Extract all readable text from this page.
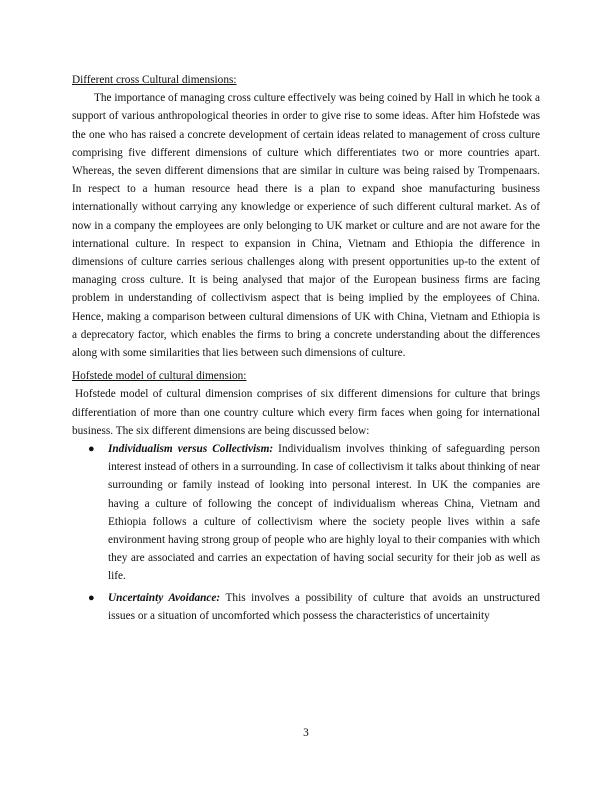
Different cross Cultural dimensions:

The importance of managing cross culture effectively was being coined by Hall in which he took a support of various anthropological theories in order to give rise to some ideas. After him Hofstede was the one who has raised a concrete development of certain ideas related to management of cross culture comprising five different dimensions of culture which differentiates two or more countries apart. Whereas, the seven different dimensions that are similar in culture was being raised by Trompenaars. In respect to a human resource head there is a plan to expand shoe manufacturing business internationally without carrying any knowledge or experience of such different cultural market. As of now in a company the employees are only belonging to UK market or culture and are not aware for the international culture. In respect to expansion in China, Vietnam and Ethiopia the difference in dimensions of culture carries serious challenges along with present opportunities up-to the extent of managing cross culture. It is being analysed that major of the European business firms are facing problem in understanding of collectivism aspect that is being implied by the employees of China. Hence, making a comparison between cultural dimensions of UK with China, Vietnam and Ethiopia is a deprecatory factor, which enables the firms to bring a concrete understanding about the differences along with some similarities that lies between such dimensions of culture.

Hofstede model of cultural dimension:

Hofstede model of cultural dimension comprises of six different dimensions for culture that brings differentiation of more than one country culture which every firm faces when going for international business. The six different dimensions are being discussed below:

● Individualism versus Collectivism: Individualism involves thinking of safeguarding person interest instead of others in a surrounding. In case of collectivism it talks about thinking of near surrounding or family instead of looking into personal interest. In UK the companies are having a culture of following the concept of individualism whereas China, Vietnam and Ethiopia follows a culture of collectivism where the society people lives within a safe environment having strong group of people who are highly loyal to their companies with which they are associated and carries an expectation of having social security for their job as well as life.
● Uncertainty Avoidance: This involves a possibility of culture that avoids an unstructured issues or a situation of uncomforted which possess the characteristics of uncertainity
3
